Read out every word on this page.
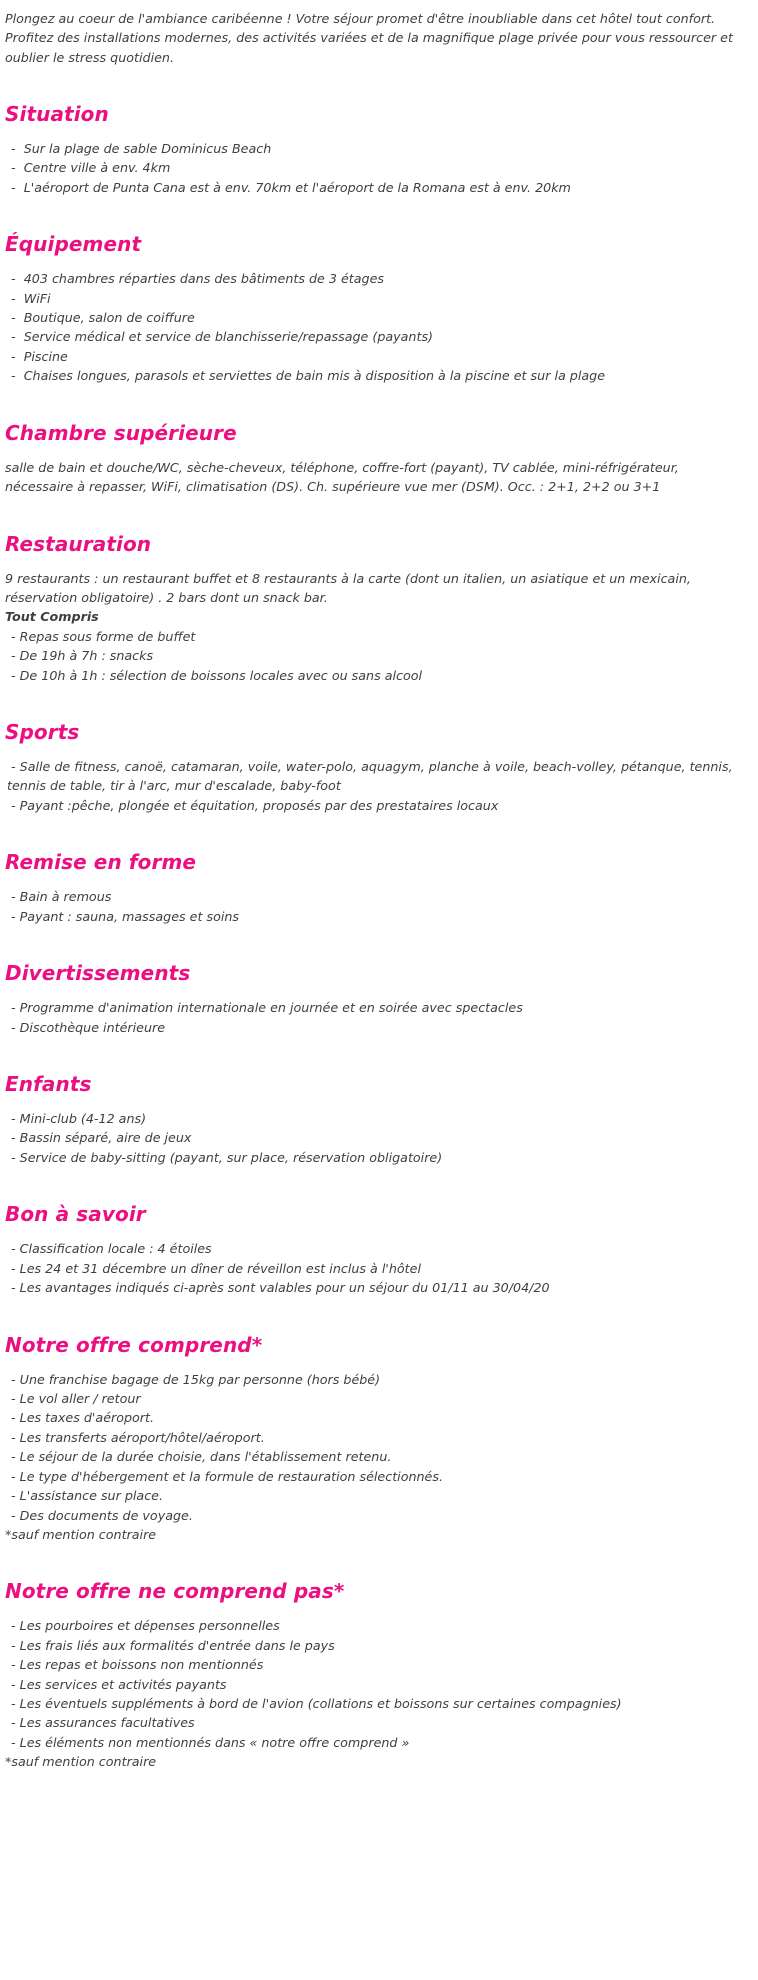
Plongez au coeur de l'ambiance caribéenne ! Votre séjour promet d'être inoubliable dans cet hôtel tout confort. Profitez des installations modernes, des activités variées et de la magnifique plage privée pour vous ressourcer et oublier le stress quotidien.

Situation
-  Sur la plage de sable Dominicus Beach
-  Centre ville à env. 4km
-  L'aéroport de Punta Cana est à env. 70km et l'aéroport de la Romana est à env. 20km
Équipement
-  403 chambres réparties dans des bâtiments de 3 étages
-  WiFi
-  Boutique, salon de coiffure
-  Service médical et service de blanchisserie/repassage (payants)
-  Piscine
-  Chaises longues, parasols et serviettes de bain mis à disposition à la piscine et sur la plage
Chambre supérieure
salle de bain et douche/WC, sèche-cheveux, téléphone, coffre-fort (payant), TV cablée, mini-réfrigérateur, nécessaire à repasser, WiFi, climatisation (DS). Ch. supérieure vue mer (DSM). Occ. : 2+1, 2+2 ou 3+1
Restauration
9 restaurants : un restaurant buffet et 8 restaurants à la carte (dont un italien, un asiatique et un mexicain, réservation obligatoire) . 2 bars dont un snack bar.
Tout Compris
- Repas sous forme de buffet
- De 19h à 7h : snacks
- De 10h à 1h : sélection de boissons locales avec ou sans alcool
Sports
- Salle de fitness, canoë, catamaran, voile, water-polo, aquagym, planche à voile, beach-volley, pétanque, tennis, tennis de table, tir à l'arc, mur d'escalade, baby-foot
- Payant :pêche, plongée et équitation, proposés par des prestataires locaux
Remise en forme
- Bain à remous
- Payant : sauna, massages et soins
Divertissements
- Programme d'animation internationale en journée et en soirée avec spectacles
- Discothèque intérieure
Enfants
- Mini-club (4-12 ans)
- Bassin séparé, aire de jeux
- Service de baby-sitting (payant, sur place, réservation obligatoire)
Bon à savoir
- Classification locale : 4 étoiles
- Les 24 et 31 décembre un dîner de réveillon est inclus à l'hôtel
- Les avantages indiqués ci-après sont valables pour un séjour du 01/11 au 30/04/20
Notre offre comprend*
- Une franchise bagage de 15kg par personne (hors bébé)
- Le vol aller / retour
- Les taxes d'aéroport.
- Les transferts aéroport/hôtel/aéroport.
- Le séjour de la durée choisie, dans l'établissement retenu.
- Le type d'hébergement et la formule de restauration sélectionnés.
- L'assistance sur place.
- Des documents de voyage.
*sauf mention contraire
Notre offre ne comprend pas*
- Les pourboires et dépenses personnelles
- Les frais liés aux formalités d'entrée dans le pays
- Les repas et boissons non mentionnés
- Les services et activités payants
- Les éventuels suppléments à bord de l'avion (collations et boissons sur certaines compagnies)
- Les assurances facultatives
- Les éléments non mentionnés dans « notre offre comprend »
*sauf mention contraire
